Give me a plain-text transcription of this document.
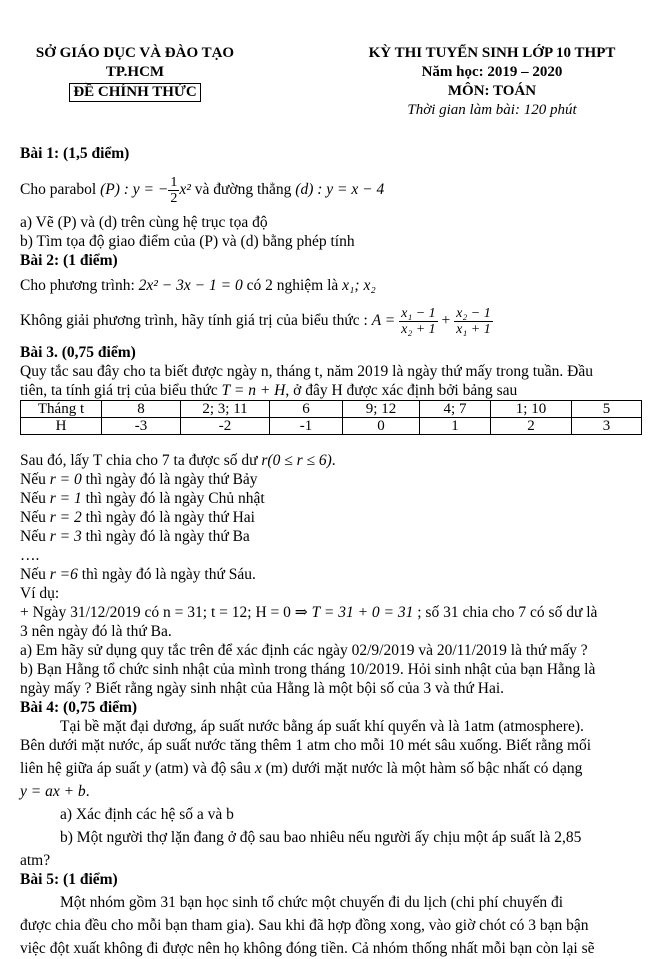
SỞ GIÁO DỤC VÀ ĐÀO TẠO
TP.HCM
ĐỀ CHÍNH THỨC
KỲ THI TUYỂN SINH LỚP 10 THPT
Năm học: 2019 – 2020
MÔN: TOÁN
Thời gian làm bài: 120 phút
Bài 1: (1,5 điểm)
Cho parabol (P) : y = − $\frac{1}{2} x^2$ và đường thẳng (d) : y = x − 4
a) Vẽ (P) và (d) trên cùng hệ trục tọa độ
b) Tìm tọa độ giao điểm của (P) và (d) bằng phép tính
Bài 2: (1 điểm)
Cho phương trình: 2x² − 3x − 1 = 0 có 2 nghiệm là x₁; x₂
Không giải phương trình, hãy tính giá trị của biểu thức : $A = \frac{\text{x₁ − 1}}{\text{x₂ + 1}} + \frac{\text{x₂ − 1}}{\text{x₁ + 1}}$
Bài 3. (0,75 điểm)
Quy tắc sau đây cho ta biết được ngày n, tháng t, năm 2019 là ngày thứ mấy trong tuần. Đầu
tiên, ta tính giá trị của biểu thức T = n + H, ở đây H được xác định bởi bảng sau
Tháng t	8	2; 3; 11	6	9; 12	4; 7	1; 10	5
H	-3	-2	-1	0	1	2	3
Sau đó, lấy T chia cho 7 ta được số dư r(0 ≤ r ≤ 6).
Nếu r = 0 thì ngày đó là ngày thứ Bảy
Nếu r = 1 thì ngày đó là ngày Chủ nhật
Nếu r = 2 thì ngày đó là ngày thứ Hai
Nếu r = 3 thì ngày đó là ngày thứ Ba
….
Nếu r =6 thì ngày đó là ngày thứ Sáu.
Ví dụ:
+ Ngày 31/12/2019 có n = 31; t = 12; H = 0 ⇒ T = 31 + 0 = 31 ; số 31 chia cho 7 có số dư là
3 nên ngày đó là thứ Ba.
a) Em hãy sử dụng quy tắc trên để xác định các ngày 02/9/2019 và 20/11/2019 là thứ mấy ?
b) Bạn Hằng tổ chức sinh nhật của mình trong tháng 10/2019. Hỏi sinh nhật của bạn Hằng là
ngày mấy ? Biết rằng ngày sinh nhật của Hằng là một bội số của 3 và thứ Hai.
Bài 4: (0,75 điểm)
Tại bề mặt đại dương, áp suất nước bằng áp suất khí quyển và là 1atm (atmosphere).
Bên dưới mặt nước, áp suất nước tăng thêm 1 atm cho mỗi 10 mét sâu xuống. Biết rằng mối
liên hệ giữa áp suất y (atm) và độ sâu x (m) dưới mặt nước là một hàm số bậc nhất có dạng
y = ax + b.
a) Xác định các hệ số a và b
b) Một người thợ lặn đang ở độ sau bao nhiêu nếu người ấy chịu một áp suất là 2,85
atm?
Bài 5: (1 điểm)
Một nhóm gồm 31 bạn học sinh tổ chức một chuyến đi du lịch (chi phí chuyến đi
được chia đều cho mỗi bạn tham gia). Sau khi đã hợp đồng xong, vào giờ chót có 3 bạn bận
việc đột xuất không đi được nên họ không đóng tiền. Cả nhóm thống nhất mỗi bạn còn lại sẽ
